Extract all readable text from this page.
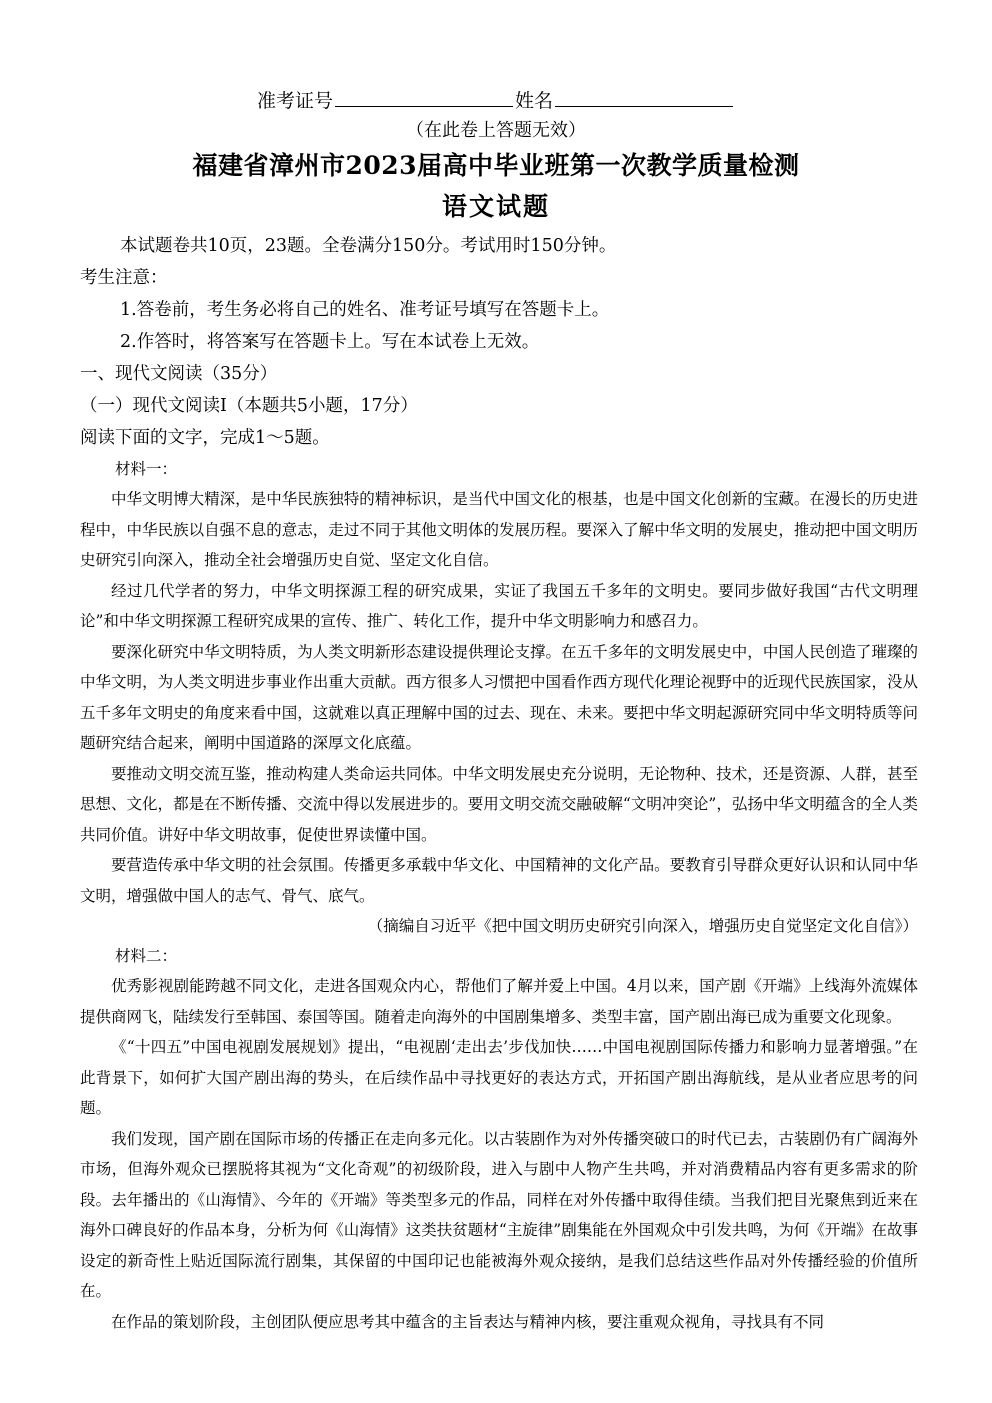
准考证号	姓名
（在此卷上答题无效）
福建省漳州市2023届高中毕业班第一次教学质量检测
语文试题
本试题卷共10页，23题。全卷满分150分。考试用时150分钟。
考生注意：
1.答卷前，考生务必将自己的姓名、准考证号填写在答题卡上。
2.作答时，将答案写在答题卡上。写在本试卷上无效。
一、现代文阅读（35分）
（一）现代文阅读Ⅰ（本题共5小题，17分）
阅读下面的文字，完成1～5题。

材料一：

中华文明博大精深，是中华民族独特的精神标识，是当代中国文化的根基，也是中国文化创新的宝藏。在漫长的历史进程中，中华民族以自强不息的意志，走过不同于其他文明体的发展历程。要深入了解中华文明的发展史，推动把中国文明历史研究引向深入，推动全社会增强历史自觉、坚定文化自信。

经过几代学者的努力，中华文明探源工程的研究成果，实证了我国五千多年的文明史。要同步做好我国“古代文明理论”和中华文明探源工程研究成果的宣传、推广、转化工作，提升中华文明影响力和感召力。

要深化研究中华文明特质，为人类文明新形态建设提供理论支撑。在五千多年的文明发展史中，中国人民创造了璀璨的中华文明，为人类文明进步事业作出重大贡献。西方很多人习惯把中国看作西方现代化理论视野中的近现代民族国家，没从五千多年文明史的角度来看中国，这就难以真正理解中国的过去、现在、未来。要把中华文明起源研究同中华文明特质等问题研究结合起来，阐明中国道路的深厚文化底蕴。

要推动文明交流互鉴，推动构建人类命运共同体。中华文明发展史充分说明，无论物种、技术，还是资源、人群，甚至思想、文化，都是在不断传播、交流中得以发展进步的。要用文明交流交融破解“文明冲突论”，弘扬中华文明蕴含的全人类共同价值。讲好中华文明故事，促使世界读懂中国。

要营造传承中华文明的社会氛围。传播更多承载中华文化、中国精神的文化产品。要教育引导群众更好认识和认同中华文明，增强做中国人的志气、骨气、底气。

（摘编自习近平《把中国文明历史研究引向深入，增强历史自觉坚定文化自信》）

材料二：

优秀影视剧能跨越不同文化，走进各国观众内心，帮他们了解并爱上中国。4月以来，国产剧《开端》上线海外流媒体提供商网飞，陆续发行至韩国、泰国等国。随着走向海外的中国剧集增多、类型丰富，国产剧出海已成为重要文化现象。

《“十四五”中国电视剧发展规划》提出，“电视剧‘走出去’步伐加快……中国电视剧国际传播力和影响力显著增强。”在此背景下，如何扩大国产剧出海的势头，在后续作品中寻找更好的表达方式，开拓国产剧出海航线，是从业者应思考的问题。

我们发现，国产剧在国际市场的传播正在走向多元化。以古装剧作为对外传播突破口的时代已去，古装剧仍有广阔海外市场，但海外观众已摆脱将其视为“文化奇观”的初级阶段，进入与剧中人物产生共鸣，并对消费精品内容有更多需求的阶段。去年播出的《山海情》、今年的《开端》等类型多元的作品，同样在对外传播中取得佳绩。当我们把目光聚焦到近来在海外口碑良好的作品本身，分析为何《山海情》这类扶贫题材“主旋律”剧集能在外国观众中引发共鸣，为何《开端》在故事设定的新奇性上贴近国际流行剧集，其保留的中国印记也能被海外观众接纳，是我们总结这些作品对外传播经验的价值所在。

在作品的策划阶段，主创团队便应思考其中蕴含的主旨表达与精神内核，要注重观众视角，寻找具有不同
